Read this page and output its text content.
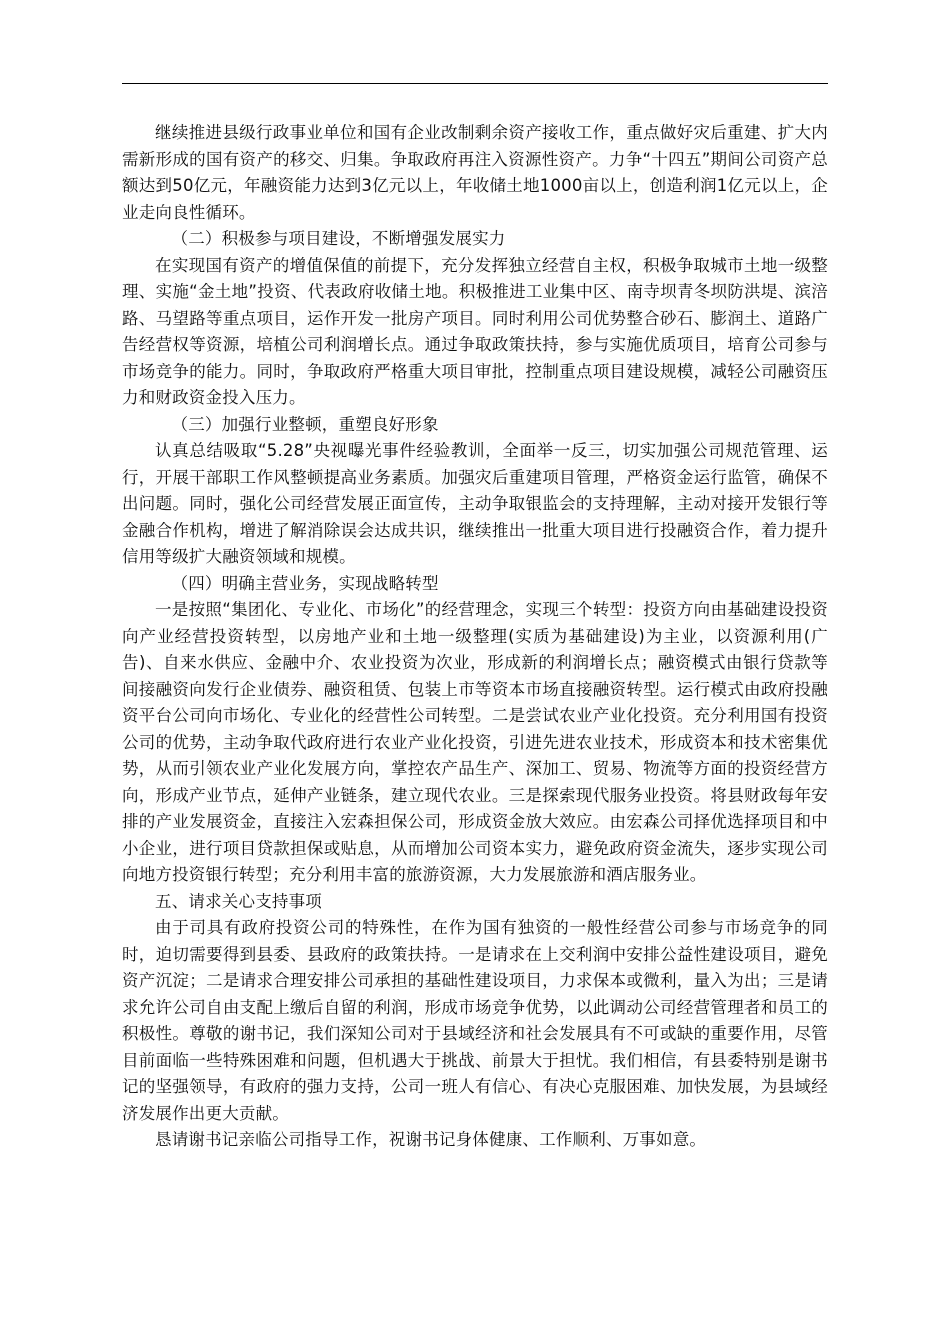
继续推进县级行政事业单位和国有企业改制剩余资产接收工作，重点做好灾后重建、扩大内需新形成的国有资产的移交、归集。争取政府再注入资源性资产。力争“十四五”期间公司资产总额达到50亿元，年融资能力达到3亿元以上，年收储土地1000亩以上，创造利润1亿元以上，企业走向良性循环。

（二）积极参与项目建设，不断增强发展实力

在实现国有资产的增值保值的前提下，充分发挥独立经营自主权，积极争取城市土地一级整理、实施“金土地”投资、代表政府收储土地。积极推进工业集中区、南寺坝青冬坝防洪堤、滨涪路、马望路等重点项目，运作开发一批房产项目。同时利用公司优势整合砂石、膨润土、道路广告经营权等资源，培植公司利润增长点。通过争取政策扶持，参与实施优质项目，培育公司参与市场竞争的能力。同时，争取政府严格重大项目审批，控制重点项目建设规模，减轻公司融资压力和财政资金投入压力。

（三）加强行业整顿，重塑良好形象

认真总结吸取“5.28”央视曝光事件经验教训，全面举一反三，切实加强公司规范管理、运行，开展干部职工作风整顿提高业务素质。加强灾后重建项目管理，严格资金运行监管，确保不出问题。同时，强化公司经营发展正面宣传，主动争取银监会的支持理解，主动对接开发银行等金融合作机构，增进了解消除误会达成共识，继续推出一批重大项目进行投融资合作，着力提升信用等级扩大融资领域和规模。

（四）明确主营业务，实现战略转型

一是按照“集团化、专业化、市场化”的经营理念，实现三个转型：投资方向由基础建设投资向产业经营投资转型，以房地产业和土地一级整理(实质为基础建设)为主业，以资源利用(广告)、自来水供应、金融中介、农业投资为次业，形成新的利润增长点；融资模式由银行贷款等间接融资向发行企业债券、融资租赁、包装上市等资本市场直接融资转型。运行模式由政府投融资平台公司向市场化、专业化的经营性公司转型。二是尝试农业产业化投资。充分利用国有投资公司的优势，主动争取代政府进行农业产业化投资，引进先进农业技术，形成资本和技术密集优势，从而引领农业产业化发展方向，掌控农产品生产、深加工、贸易、物流等方面的投资经营方向，形成产业节点，延伸产业链条，建立现代农业。三是探索现代服务业投资。将县财政每年安排的产业发展资金，直接注入宏森担保公司，形成资金放大效应。由宏森公司择优选择项目和中小企业，进行项目贷款担保或贴息，从而增加公司资本实力，避免政府资金流失，逐步实现公司向地方投资银行转型；充分利用丰富的旅游资源，大力发展旅游和酒店服务业。

五、请求关心支持事项

由于司具有政府投资公司的特殊性，在作为国有独资的一般性经营公司参与市场竞争的同时，迫切需要得到县委、县政府的政策扶持。一是请求在上交利润中安排公益性建设项目，避免资产沉淀；二是请求合理安排公司承担的基础性建设项目，力求保本或微利，量入为出；三是请求允许公司自由支配上缴后自留的利润，形成市场竞争优势，以此调动公司经营管理者和员工的积极性。尊敬的谢书记，我们深知公司对于县域经济和社会发展具有不可或缺的重要作用，尽管目前面临一些特殊困难和问题，但机遇大于挑战、前景大于担忧。我们相信，有县委特别是谢书记的坚强领导，有政府的强力支持，公司一班人有信心、有决心克服困难、加快发展，为县域经济发展作出更大贡献。

恳请谢书记亲临公司指导工作，祝谢书记身体健康、工作顺利、万事如意。
